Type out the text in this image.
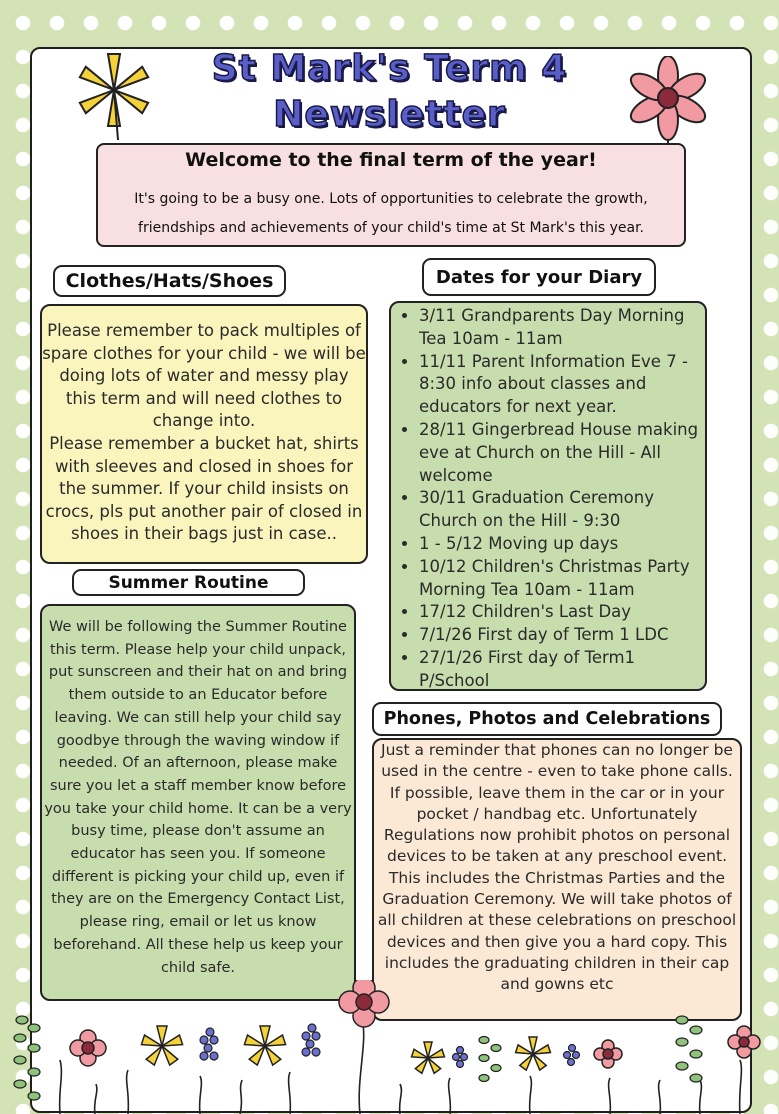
St Mark's Term 4
Newsletter
Welcome to the final term of the year!

It's going to be a busy one. Lots of opportunities to celebrate the growth, friendships and achievements of your child's time at St Mark's this year.

Clothes/Hats/Shoes
Please remember to pack multiples of spare clothes for your child - we will be doing lots of water and messy play this term and will need clothes to change into.
Please remember a bucket hat, shirts with sleeves and closed in shoes for the summer. If your child insists on crocs, pls put another pair of closed in shoes in their bags just in case..
Summer Routine
We will be following the Summer Routine this term. Please help your child unpack, put sunscreen and their hat on and bring them outside to an Educator before leaving. We can still help your child say goodbye through the waving window if needed. Of an afternoon, please make sure you let a staff member know before you take your child home. It can be a very busy time, please don't assume an educator has seen you. If someone different is picking your child up, even if they are on the Emergency Contact List, please ring, email or let us know beforehand. All these help us keep your child safe.
Dates for your Diary
• 3/11 Grandparents Day Morning Tea 10am - 11am
• 11/11 Parent Information Eve 7 - 8:30 info about classes and educators for next year.
• 28/11 Gingerbread House making eve at Church on the Hill - All welcome
• 30/11 Graduation Ceremony Church on the Hill - 9:30
• 1 - 5/12 Moving up days
• 10/12 Children's Christmas Party Morning Tea 10am - 11am
• 17/12 Children's Last Day
• 7/1/26 First day of Term 1 LDC
• 27/1/26 First day of Term1 P/School
Phones, Photos and Celebrations
Just a reminder that phones can no longer be used in the centre - even to take phone calls. If possible, leave them in the car or in your pocket / handbag etc. Unfortunately Regulations now prohibit photos on personal devices to be taken at any preschool event. This includes the Christmas Parties and the Graduation Ceremony. We will take photos of all children at these celebrations on preschool devices and then give you a hard copy. This includes the graduating children in their cap and gowns etc
